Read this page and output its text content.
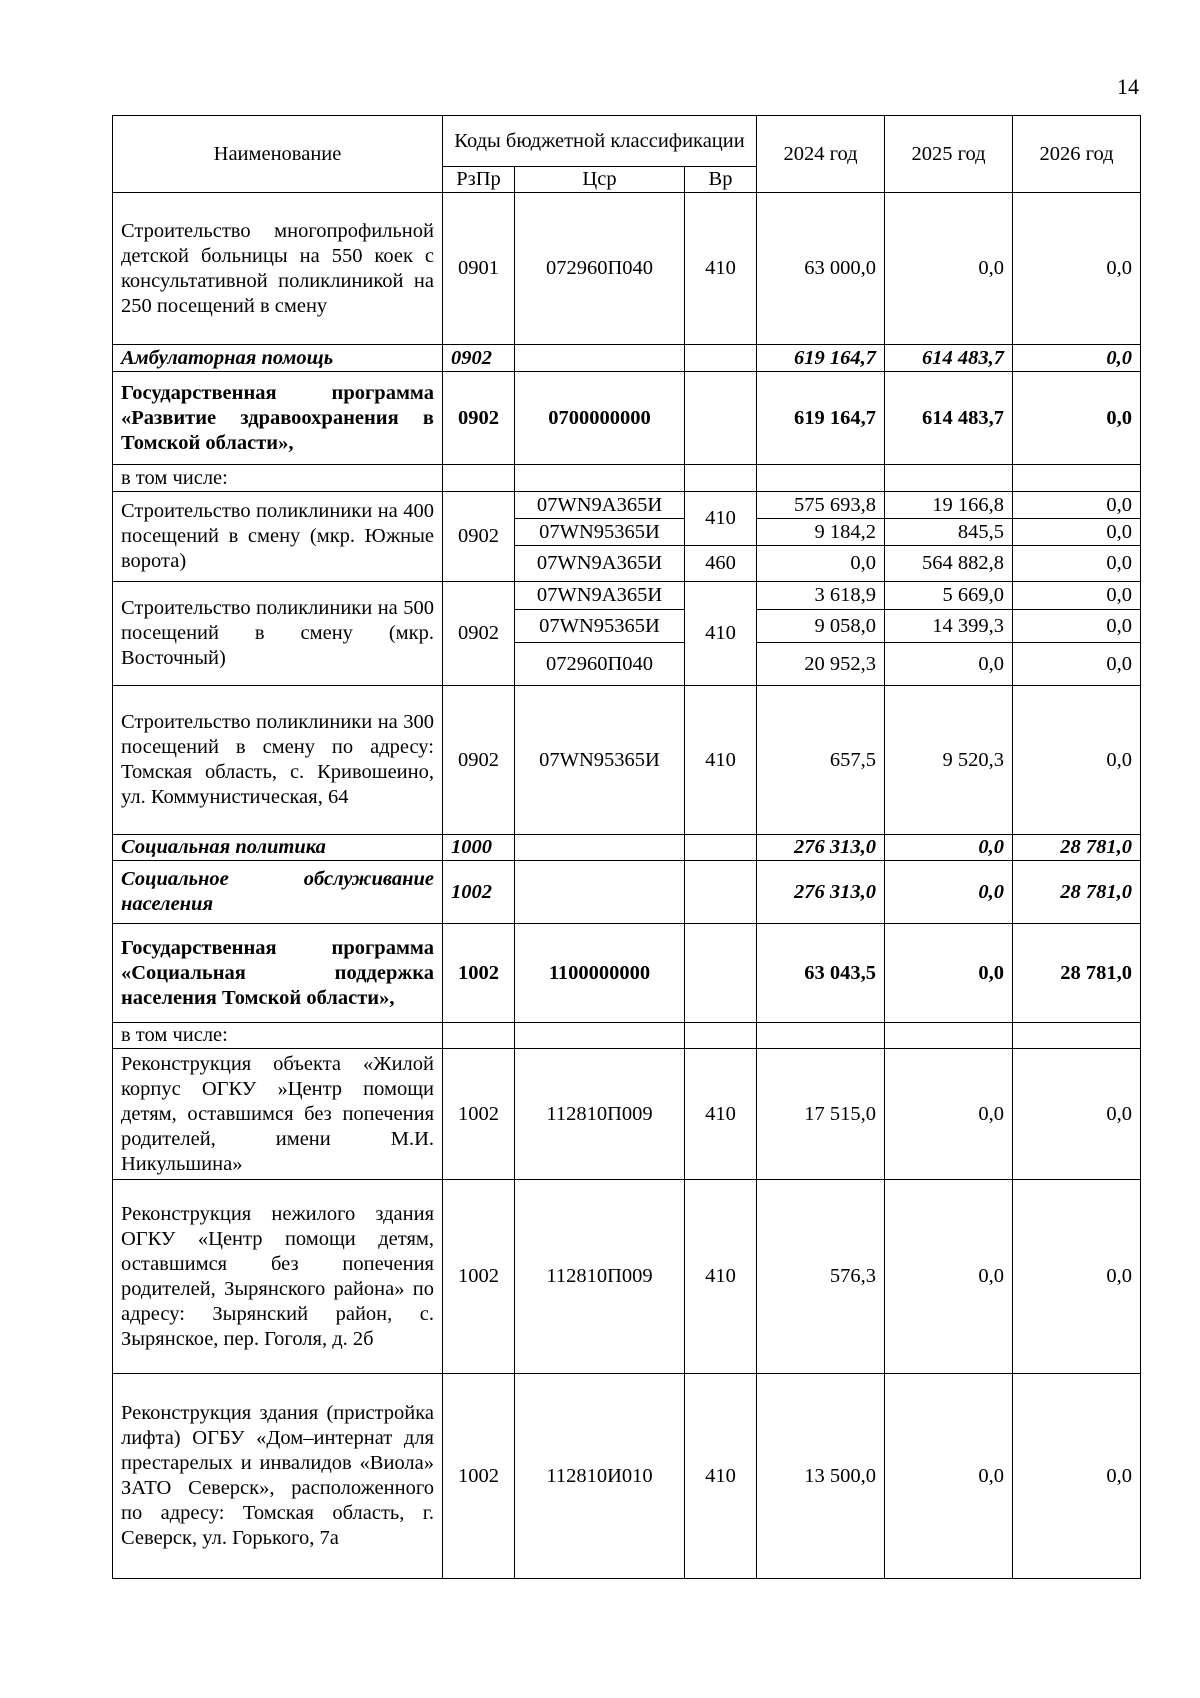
14
Наименование	Коды бюджетной классификации			2024 год	2025 год	2026 год
	РзПр	Цср	Вр			
Строительство многопрофильной детской больницы на 550 коек с консультативной поликлиникой на 250 посещений в смену	0901	072960П040	410	63 000,0	0,0	0,0
Амбулаторная помощь	0902			619 164,7	614 483,7	0,0
Государственная программа «Развитие здравоохранения в Томской области»,	0902	0700000000		619 164,7	614 483,7	0,0
в том числе:						
Строительство поликлиники на 400 посещений в смену (мкр. Южные ворота)	0902	07WN9A365И	410	575 693,8	19 166,8	0,0
		07WN95365И		9 184,2	845,5	0,0
		07WN9A365И	460	0,0	564 882,8	0,0
Строительство поликлиники на 500 посещений в смену (мкр. Восточный)	0902	07WN9A365И	410	3 618,9	5 669,0	0,0
		07WN95365И		9 058,0	14 399,3	0,0
		072960П040		20 952,3	0,0	0,0
Строительство поликлиники на 300 посещений в смену по адресу: Томская область, с. Кривошеино, ул. Коммунистическая, 64	0902	07WN95365И	410	657,5	9 520,3	0,0
Социальная политика	1000			276 313,0	0,0	28 781,0
Социальное обслуживание населения	1002			276 313,0	0,0	28 781,0
Государственная программа «Социальная поддержка населения Томской области»,	1002	1100000000		63 043,5	0,0	28 781,0
в том числе:						
Реконструкция объекта «Жилой корпус ОГКУ »Центр помощи детям, оставшимся без попечения родителей, имени М.И. Никульшина»	1002	112810П009	410	17 515,0	0,0	0,0
Реконструкция нежилого здания ОГКУ «Центр помощи детям, оставшимся без попечения родителей, Зырянского района» по адресу: Зырянский район, с. Зырянское, пер. Гоголя, д. 2б	1002	112810П009	410	576,3	0,0	0,0
Реконструкция здания (пристройка лифта) ОГБУ «Дом–интернат для престарелых и инвалидов «Виола» ЗАТО Северск», расположенного по адресу: Томская область, г. Северск, ул. Горького, 7а	1002	112810И010	410	13 500,0	0,0	0,0
